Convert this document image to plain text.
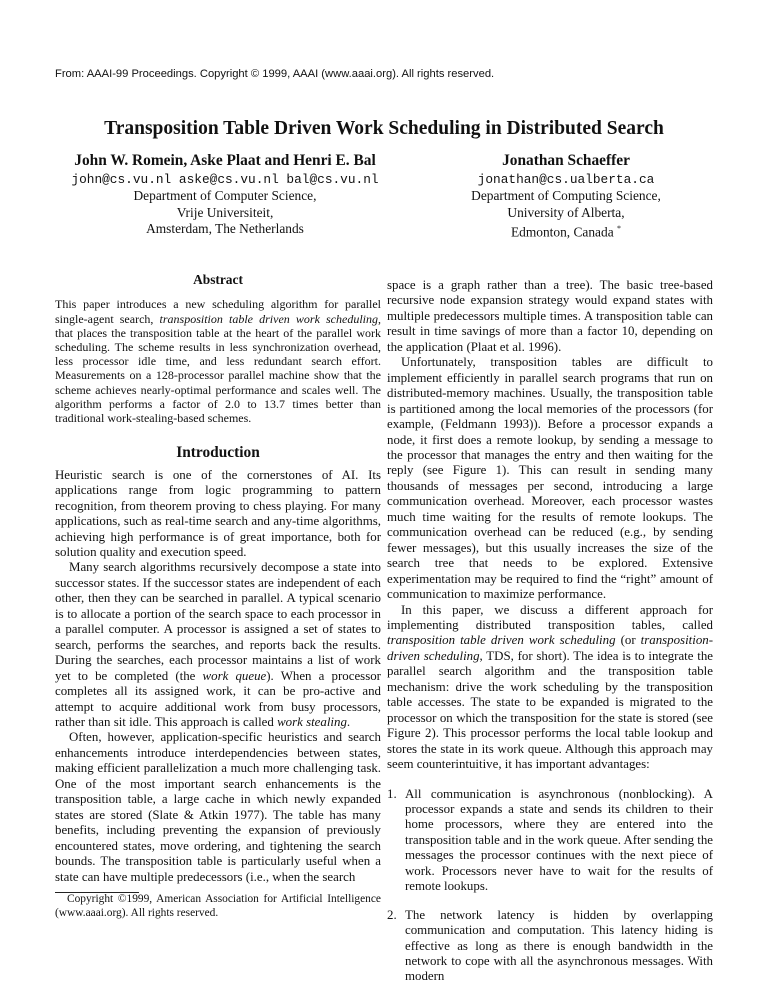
From: AAAI-99 Proceedings. Copyright © 1999, AAAI (www.aaai.org). All rights reserved.
Transposition Table Driven Work Scheduling in Distributed Search
John W. Romein, Aske Plaat and Henri E. Bal
john@cs.vu.nl aske@cs.vu.nl bal@cs.vu.nl
Department of Computer Science,
Vrije Universiteit,
Amsterdam, The Netherlands
Jonathan Schaeffer
jonathan@cs.ualberta.ca
Department of Computing Science,
University of Alberta,
Edmonton, Canada *
Abstract

This paper introduces a new scheduling algorithm for parallel single-agent search, transposition table driven work scheduling, that places the transposition table at the heart of the parallel work scheduling. The scheme results in less synchronization overhead, less processor idle time, and less redundant search effort. Measurements on a 128-processor parallel machine show that the scheme achieves nearly-optimal performance and scales well. The algorithm performs a factor of 2.0 to 13.7 times better than traditional work-stealing-based schemes.

Introduction

Heuristic search is one of the cornerstones of AI. Its applications range from logic programming to pattern recognition, from theorem proving to chess playing. For many applications, such as real-time search and any-time algorithms, achieving high performance is of great importance, both for solution quality and execution speed.

Many search algorithms recursively decompose a state into successor states. If the successor states are independent of each other, then they can be searched in parallel. A typical scenario is to allocate a portion of the search space to each processor in a parallel computer. A processor is assigned a set of states to search, performs the searches, and reports back the results. During the searches, each processor maintains a list of work yet to be completed (the work queue). When a processor completes all its assigned work, it can be pro-active and attempt to acquire additional work from busy processors, rather than sit idle. This approach is called work stealing.

Often, however, application-specific heuristics and search enhancements introduce interdependencies between states, making efficient parallelization a much more challenging task. One of the most important search enhancements is the transposition table, a large cache in which newly expanded states are stored (Slate & Atkin 1977). The table has many benefits, including preventing the expansion of previously encountered states, move ordering, and tightening the search bounds. The transposition table is particularly useful when a state can have multiple predecessors (i.e., when the search

Copyright ©1999, American Association for Artificial Intelligence (www.aaai.org). All rights reserved.

space is a graph rather than a tree). The basic tree-based recursive node expansion strategy would expand states with multiple predecessors multiple times. A transposition table can result in time savings of more than a factor 10, depending on the application (Plaat et al. 1996).

Unfortunately, transposition tables are difficult to implement efficiently in parallel search programs that run on distributed-memory machines. Usually, the transposition table is partitioned among the local memories of the processors (for example, (Feldmann 1993)). Before a processor expands a node, it first does a remote lookup, by sending a message to the processor that manages the entry and then waiting for the reply (see Figure 1). This can result in sending many thousands of messages per second, introducing a large communication overhead. Moreover, each processor wastes much time waiting for the results of remote lookups. The communication overhead can be reduced (e.g., by sending fewer messages), but this usually increases the size of the search tree that needs to be explored. Extensive experimentation may be required to find the “right” amount of communication to maximize performance.

In this paper, we discuss a different approach for implementing distributed transposition tables, called transposition table driven work scheduling (or transposition-driven scheduling, TDS, for short). The idea is to integrate the parallel search algorithm and the transposition table mechanism: drive the work scheduling by the transposition table accesses. The state to be expanded is migrated to the processor on which the transposition for the state is stored (see Figure 2). This processor performs the local table lookup and stores the state in its work queue. Although this approach may seem counterintuitive, it has important advantages:

1. All communication is asynchronous (nonblocking). A processor expands a state and sends its children to their home processors, where they are entered into the transposition table and in the work queue. After sending the messages the processor continues with the next piece of work. Processors never have to wait for the results of remote lookups.
2. The network latency is hidden by overlapping communication and computation. This latency hiding is effective as long as there is enough bandwidth in the network to cope with all the asynchronous messages. With modern
